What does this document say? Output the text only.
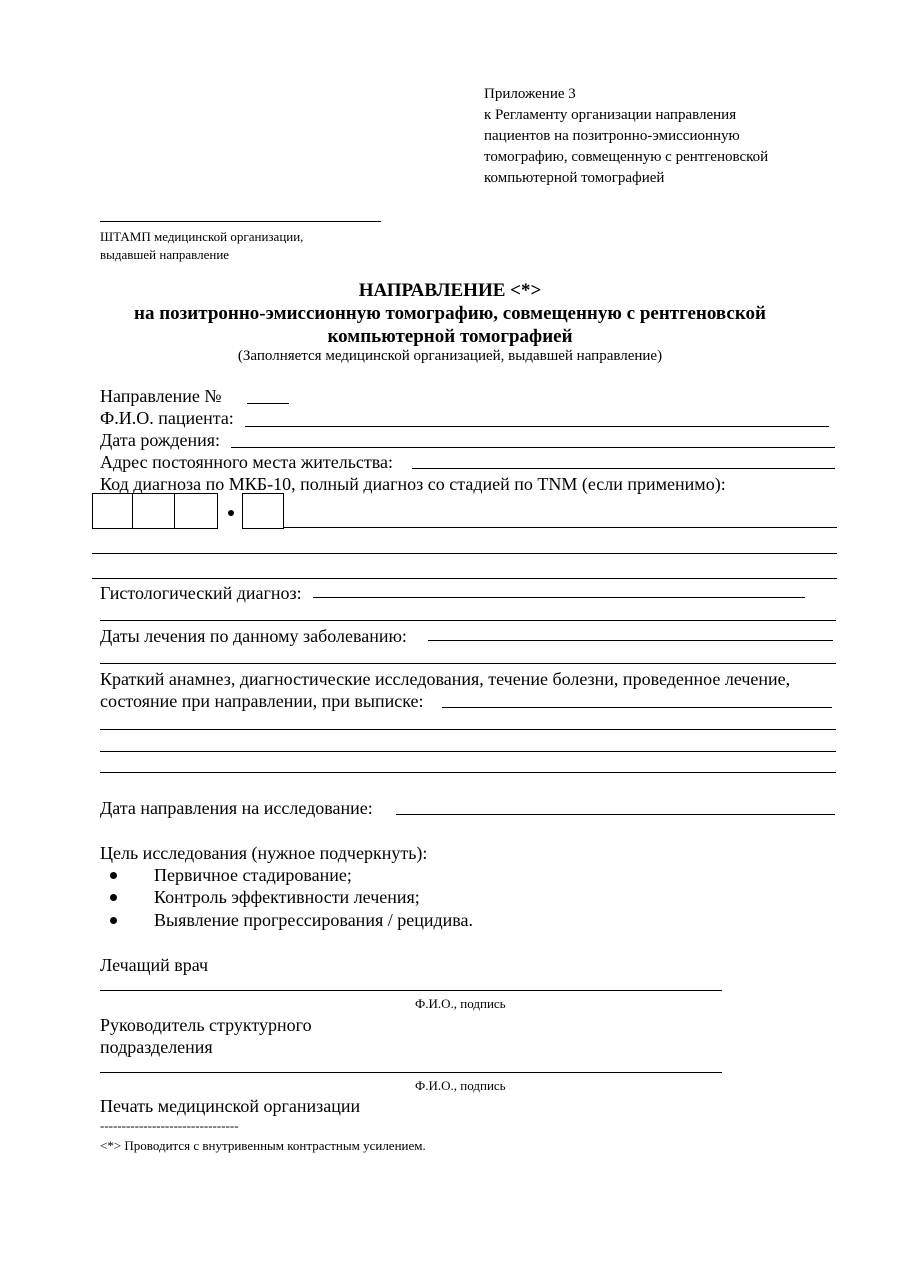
Приложение 3
к Регламенту организации направления
пациентов на позитронно-эмиссионную
томографию, совмещенную с рентгеновской
компьютерной томографией
ШТАМП медицинской организации,
выдавшей направление
НАПРАВЛЕНИЕ <*>
на позитронно-эмиссионную томографию, совмещенную с рентгеновской
компьютерной томографией
(Заполняется медицинской организацией, выдавшей направление)
Направление №
Ф.И.О. пациента:
Дата рождения:
Адрес постоянного места жительства:
Код диагноза по МКБ-10, полный диагноз со стадией по TNM (если применимо):
Гистологический диагноз:
Даты лечения по данному заболеванию:
Краткий анамнез, диагностические исследования, течение болезни, проведенное лечение,
состояние при направлении, при выписке:
Дата направления на исследование:
Цель исследования (нужное подчеркнуть):
Первичное стадирование;
Контроль эффективности лечения;
Выявление прогрессирования / рецидива.
Лечащий врач
Ф.И.О., подпись
Руководитель структурного
подразделения
Ф.И.О., подпись
Печать медицинской организации
--------------------------------
<*> Проводится с внутривенным контрастным усилением.
